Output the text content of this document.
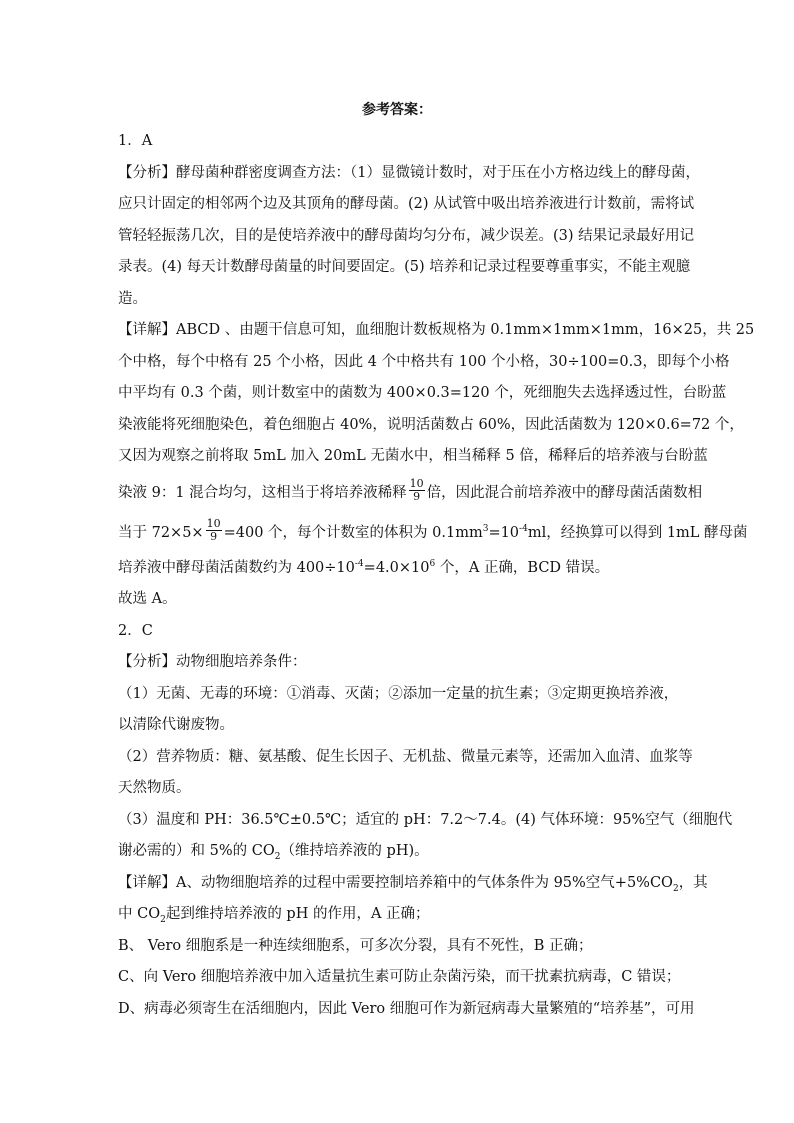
参考答案：

1．A

【分析】酵母菌种群密度调查方法：（1）显微镜计数时，对于压在小方格边线上的酵母菌，

应只计固定的相邻两个边及其顶角的酵母菌。(2) 从试管中吸出培养液进行计数前，需将试

管轻轻振荡几次，目的是使培养液中的酵母菌均匀分布，减少误差。(3) 结果记录最好用记

录表。(4) 每天计数酵母菌量的时间要固定。(5) 培养和记录过程要尊重事实，不能主观臆

造。

【详解】ABCD 、由题干信息可知，血细胞计数板规格为 0.1mm×1mm×1mm，16×25，共 25

个中格，每个中格有 25 个小格，因此 4 个中格共有 100 个小格，30÷100=0.3，即每个小格

中平均有 0.3 个菌，则计数室中的菌数为 400×0.3=120 个，死细胞失去选择透过性，台盼蓝

染液能将死细胞染色，着色细胞占 40%，说明活菌数占 60%，因此活菌数为 120×0.6=72 个，

又因为观察之前将取 5mL 加入 20mL 无菌水中，相当稀释 5 倍，稀释后的培养液与台盼蓝

染液 9：1 混合均匀，这相当于将培养液稀释 $\frac{10}{9}$ 倍，因此混合前培养液中的酵母菌活菌数相

当于 $72\times 5\times \frac{10}{9} =400$ 个，每个计数室的体积为 $0.1mm^3=10^{-4}ml$，经换算可以得到 1mL 酵母菌

培养液中酵母菌活菌数约为 $400\div 10^{-4}=4.0\times 10^6$ 个，A 正确，BCD 错误。

故选 A。

2．C

【分析】动物细胞培养条件：

（1）无菌、无毒的环境：①消毒、灭菌；②添加一定量的抗生素；③定期更换培养液，

以清除代谢废物。

（2）营养物质：糖、氨基酸、促生长因子、无机盐、微量元素等，还需加入血清、血浆等

天然物质。

（3）温度和 PH：36.5℃±0.5℃；适宜的 pH：7.2～7.4。(4) 气体环境：95%空气（细胞代

谢必需的）和 5%的 $CO_2$（维持培养液的 pH)。

【详解】A、动物细胞培养的过程中需要控制培养箱中的气体条件为 95%空气$+5\%CO_2$，其

中 $CO_2$起到维持培养液的 pH 的作用，A 正确；

B、 Vero 细胞系是一种连续细胞系，可多次分裂，具有不死性，B 正确；

C、向 Vero 细胞培养液中加入适量抗生素可防止杂菌污染，而干扰素抗病毒，C 错误；

D、病毒必须寄生在活细胞内，因此 Vero 细胞可作为新冠病毒大量繁殖的“培养基”，可用
